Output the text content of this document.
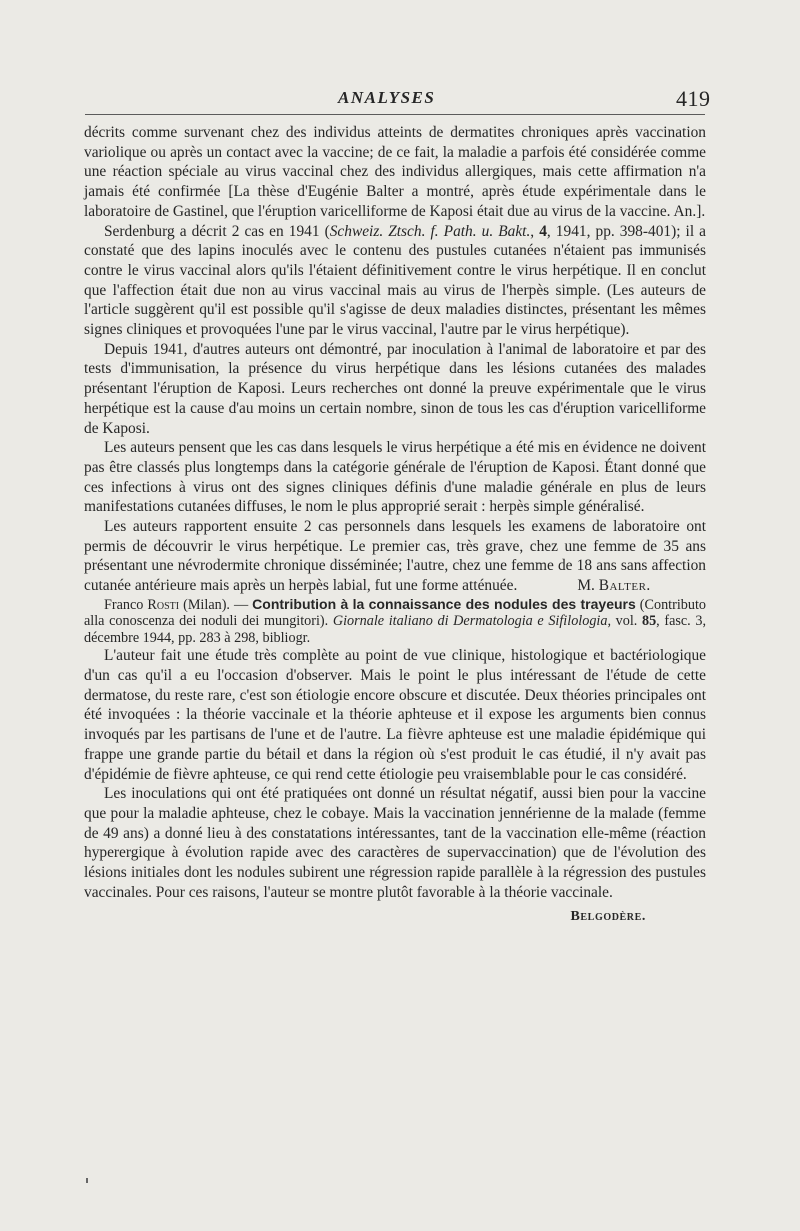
ANALYSES	419

décrits comme survenant chez des individus atteints de dermatites chroniques après vaccination variolique ou après un contact avec la vaccine; de ce fait, la maladie a parfois été considérée comme une réaction spéciale au virus vaccinal chez des individus allergiques, mais cette affirmation n'a jamais été confirmée [La thèse d'Eugénie Balter a montré, après étude expérimentale dans le laboratoire de Gastinel, que l'éruption varicelliforme de Kaposi était due au virus de la vaccine. An.].

Serdenburg a décrit 2 cas en 1941 (Schweiz. Ztsch. f. Path. u. Bakt., 4, 1941, pp. 398-401); il a constaté que des lapins inoculés avec le contenu des pustules cutanées n'étaient pas immunisés contre le virus vaccinal alors qu'ils l'étaient définitivement contre le virus herpétique. Il en conclut que l'affection était due non au virus vaccinal mais au virus de l'herpès simple. (Les auteurs de l'article suggèrent qu'il est possible qu'il s'agisse de deux maladies distinctes, présentant les mêmes signes cliniques et provoquées l'une par le virus vaccinal, l'autre par le virus herpétique).

Depuis 1941, d'autres auteurs ont démontré, par inoculation à l'animal de laboratoire et par des tests d'immunisation, la présence du virus herpétique dans les lésions cutanées des malades présentant l'éruption de Kaposi. Leurs recherches ont donné la preuve expérimentale que le virus herpétique est la cause d'au moins un certain nombre, sinon de tous les cas d'éruption varicelliforme de Kaposi.

Les auteurs pensent que les cas dans lesquels le virus herpétique a été mis en évidence ne doivent pas être classés plus longtemps dans la catégorie générale de l'éruption de Kaposi. Étant donné que ces infections à virus ont des signes cliniques définis d'une maladie générale en plus de leurs manifestations cutanées diffuses, le nom le plus approprié serait : herpès simple généralisé.

Les auteurs rapportent ensuite 2 cas personnels dans lesquels les examens de laboratoire ont permis de découvrir le virus herpétique. Le premier cas, très grave, chez une femme de 35 ans présentant une névrodermite chronique disséminée; l'autre, chez une femme de 18 ans sans affection cutanée antérieure mais après un herpès labial, fut une forme atténuée.	M. Balter.

Franco Rosti (Milan). — Contribution à la connaissance des nodules des trayeurs (Contributo alla conoscenza dei noduli dei mungitori). Giornale italiano di Dermatologia e Sifilologia, vol. 85, fasc. 3, décembre 1944, pp. 283 à 298, bibliogr.

L'auteur fait une étude très complète au point de vue clinique, histologique et bactériologique d'un cas qu'il a eu l'occasion d'observer. Mais le point le plus intéressant de l'étude de cette dermatose, du reste rare, c'est son étiologie encore obscure et discutée. Deux théories principales ont été invoquées : la théorie vaccinale et la théorie aphteuse et il expose les arguments bien connus invoqués par les partisans de l'une et de l'autre. La fièvre aphteuse est une maladie épidémique qui frappe une grande partie du bétail et dans la région où s'est produit le cas étudié, il n'y avait pas d'épidémie de fièvre aphteuse, ce qui rend cette étiologie peu vraisemblable pour le cas considéré.

Les inoculations qui ont été pratiquées ont donné un résultat négatif, aussi bien pour la vaccine que pour la maladie aphteuse, chez le cobaye. Mais la vaccination jennérienne de la malade (femme de 49 ans) a donné lieu à des constatations intéressantes, tant de la vaccination elle-même (réaction hyperergique à évolution rapide avec des caractères de supervaccination) que de l'évolution des lésions initiales dont les nodules subirent une régression rapide parallèle à la régression des pustules vaccinales. Pour ces raisons, l'auteur se montre plutôt favorable à la théorie vaccinale.

Belgodère.
